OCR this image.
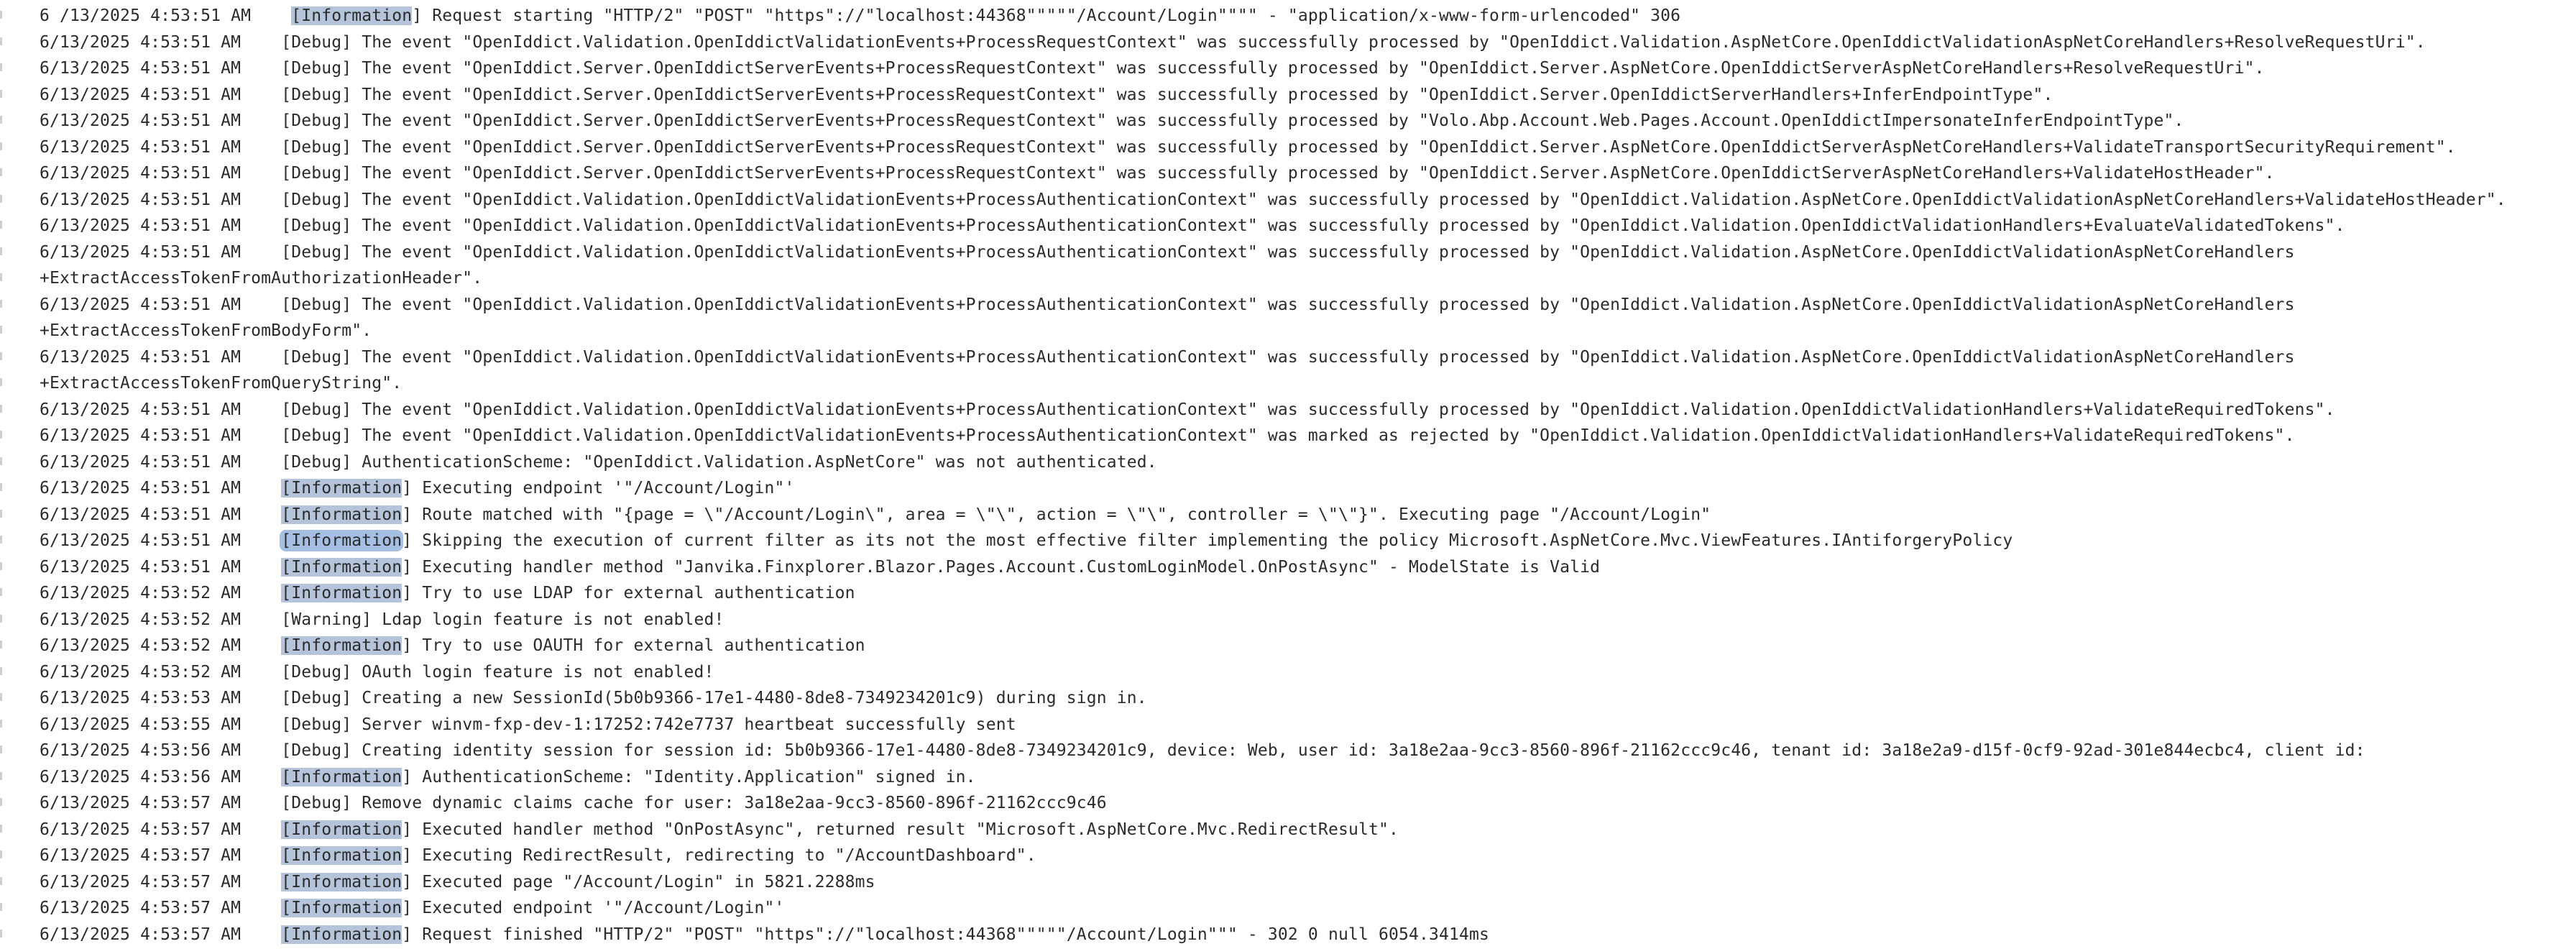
6 /13/2025 4:53:51 AM [Information] Request starting "HTTP/2" "POST" "https"://"localhost:44368"""""/Account/Login"""" - "application/x-www-form-urlencoded" 306
6/13/2025 4:53:51 AM [Debug] The event "OpenIddict.Validation.OpenIddictValidationEvents+ProcessRequestContext" was successfully processed by "OpenIddict.Validation.AspNetCore.OpenIddictValidationAspNetCoreHandlers+ResolveRequestUri".
6/13/2025 4:53:51 AM [Debug] The event "OpenIddict.Server.OpenIddictServerEvents+ProcessRequestContext" was successfully processed by "OpenIddict.Server.AspNetCore.OpenIddictServerAspNetCoreHandlers+ResolveRequestUri".
6/13/2025 4:53:51 AM [Debug] The event "OpenIddict.Server.OpenIddictServerEvents+ProcessRequestContext" was successfully processed by "OpenIddict.Server.OpenIddictServerHandlers+InferEndpointType".
6/13/2025 4:53:51 AM [Debug] The event "OpenIddict.Server.OpenIddictServerEvents+ProcessRequestContext" was successfully processed by "Volo.Abp.Account.Web.Pages.Account.OpenIddictImpersonateInferEndpointType".
6/13/2025 4:53:51 AM [Debug] The event "OpenIddict.Server.OpenIddictServerEvents+ProcessRequestContext" was successfully processed by "OpenIddict.Server.AspNetCore.OpenIddictServerAspNetCoreHandlers+ValidateTransportSecurityRequirement".
6/13/2025 4:53:51 AM [Debug] The event "OpenIddict.Server.OpenIddictServerEvents+ProcessRequestContext" was successfully processed by "OpenIddict.Server.AspNetCore.OpenIddictServerAspNetCoreHandlers+ValidateHostHeader".
6/13/2025 4:53:51 AM [Debug] The event "OpenIddict.Validation.OpenIddictValidationEvents+ProcessAuthenticationContext" was successfully processed by "OpenIddict.Validation.AspNetCore.OpenIddictValidationAspNetCoreHandlers+ValidateHostHeader".
6/13/2025 4:53:51 AM [Debug] The event "OpenIddict.Validation.OpenIddictValidationEvents+ProcessAuthenticationContext" was successfully processed by "OpenIddict.Validation.OpenIddictValidationHandlers+EvaluateValidatedTokens".
6/13/2025 4:53:51 AM [Debug] The event "OpenIddict.Validation.OpenIddictValidationEvents+ProcessAuthenticationContext" was successfully processed by "OpenIddict.Validation.AspNetCore.OpenIddictValidationAspNetCoreHandlers
+ExtractAccessTokenFromAuthorizationHeader".
6/13/2025 4:53:51 AM [Debug] The event "OpenIddict.Validation.OpenIddictValidationEvents+ProcessAuthenticationContext" was successfully processed by "OpenIddict.Validation.AspNetCore.OpenIddictValidationAspNetCoreHandlers
+ExtractAccessTokenFromBodyForm".
6/13/2025 4:53:51 AM [Debug] The event "OpenIddict.Validation.OpenIddictValidationEvents+ProcessAuthenticationContext" was successfully processed by "OpenIddict.Validation.AspNetCore.OpenIddictValidationAspNetCoreHandlers
+ExtractAccessTokenFromQueryString".
6/13/2025 4:53:51 AM [Debug] The event "OpenIddict.Validation.OpenIddictValidationEvents+ProcessAuthenticationContext" was successfully processed by "OpenIddict.Validation.OpenIddictValidationHandlers+ValidateRequiredTokens".
6/13/2025 4:53:51 AM [Debug] The event "OpenIddict.Validation.OpenIddictValidationEvents+ProcessAuthenticationContext" was marked as rejected by "OpenIddict.Validation.OpenIddictValidationHandlers+ValidateRequiredTokens".
6/13/2025 4:53:51 AM [Debug] AuthenticationScheme: "OpenIddict.Validation.AspNetCore" was not authenticated.
6/13/2025 4:53:51 AM [Information] Executing endpoint '"/Account/Login"'
6/13/2025 4:53:51 AM [Information] Route matched with "{page = \"/Account/Login\", area = \"\", action = \"\", controller = \"\"}". Executing page "/Account/Login"
6/13/2025 4:53:51 AM [Information] Skipping the execution of current filter as its not the most effective filter implementing the policy Microsoft.AspNetCore.Mvc.ViewFeatures.IAntiforgeryPolicy
6/13/2025 4:53:51 AM [Information] Executing handler method "Janvika.Finxplorer.Blazor.Pages.Account.CustomLoginModel.OnPostAsync" - ModelState is Valid
6/13/2025 4:53:52 AM [Information] Try to use LDAP for external authentication
6/13/2025 4:53:52 AM [Warning] Ldap login feature is not enabled!
6/13/2025 4:53:52 AM [Information] Try to use OAUTH for external authentication
6/13/2025 4:53:52 AM [Debug] OAuth login feature is not enabled!
6/13/2025 4:53:53 AM [Debug] Creating a new SessionId(5b0b9366-17e1-4480-8de8-7349234201c9) during sign in.
6/13/2025 4:53:55 AM [Debug] Server winvm-fxp-dev-1:17252:742e7737 heartbeat successfully sent
6/13/2025 4:53:56 AM [Debug] Creating identity session for session id: 5b0b9366-17e1-4480-8de8-7349234201c9, device: Web, user id: 3a18e2aa-9cc3-8560-896f-21162ccc9c46, tenant id: 3a18e2a9-d15f-0cf9-92ad-301e844ecbc4, client id:
6/13/2025 4:53:56 AM [Information] AuthenticationScheme: "Identity.Application" signed in.
6/13/2025 4:53:57 AM [Debug] Remove dynamic claims cache for user: 3a18e2aa-9cc3-8560-896f-21162ccc9c46
6/13/2025 4:53:57 AM [Information] Executed handler method "OnPostAsync", returned result "Microsoft.AspNetCore.Mvc.RedirectResult".
6/13/2025 4:53:57 AM [Information] Executing RedirectResult, redirecting to "/AccountDashboard".
6/13/2025 4:53:57 AM [Information] Executed page "/Account/Login" in 5821.2288ms
6/13/2025 4:53:57 AM [Information] Executed endpoint '"/Account/Login"'
6/13/2025 4:53:57 AM [Information] Request finished "HTTP/2" "POST" "https"://"localhost:44368"""""/Account/Login""" - 302 0 null 6054.3414ms
